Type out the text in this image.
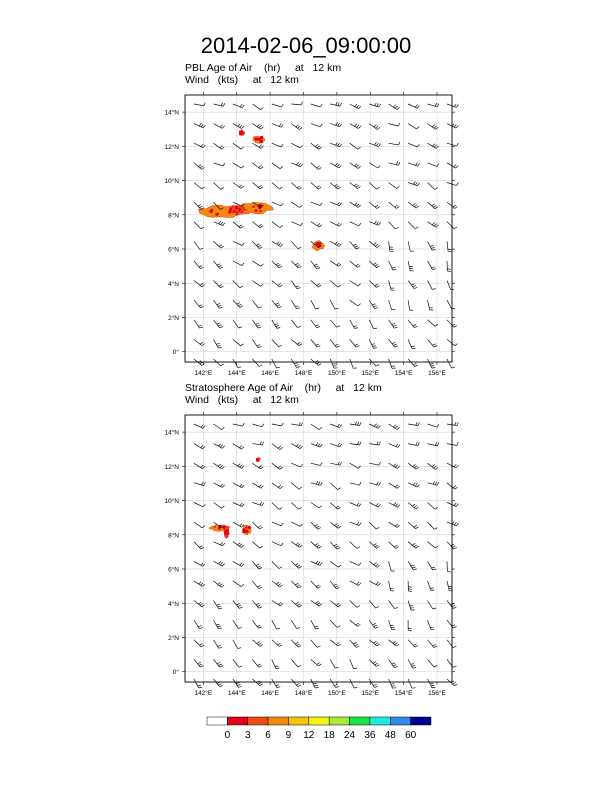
2014-02-06_09:00:00
PBL Age of Air (hr) at 12 km
Wind (kts) at 12 km
Stratosphere Age of Air (hr) at 12 km
Wind (kts) at 12 km
142°E 144°E 146°E 148°E 150°E 152°E 154°E 156°E
0°
2°N
4°N
6°N
8°N
10°N
12°N
14°N
142°E 144°E 146°E 148°E 150°E 152°E 154°E 156°E
0°
2°N
4°N
6°N
8°N
10°N
12°N
14°N
0 3 6 9 12 18 24 36 48 60
